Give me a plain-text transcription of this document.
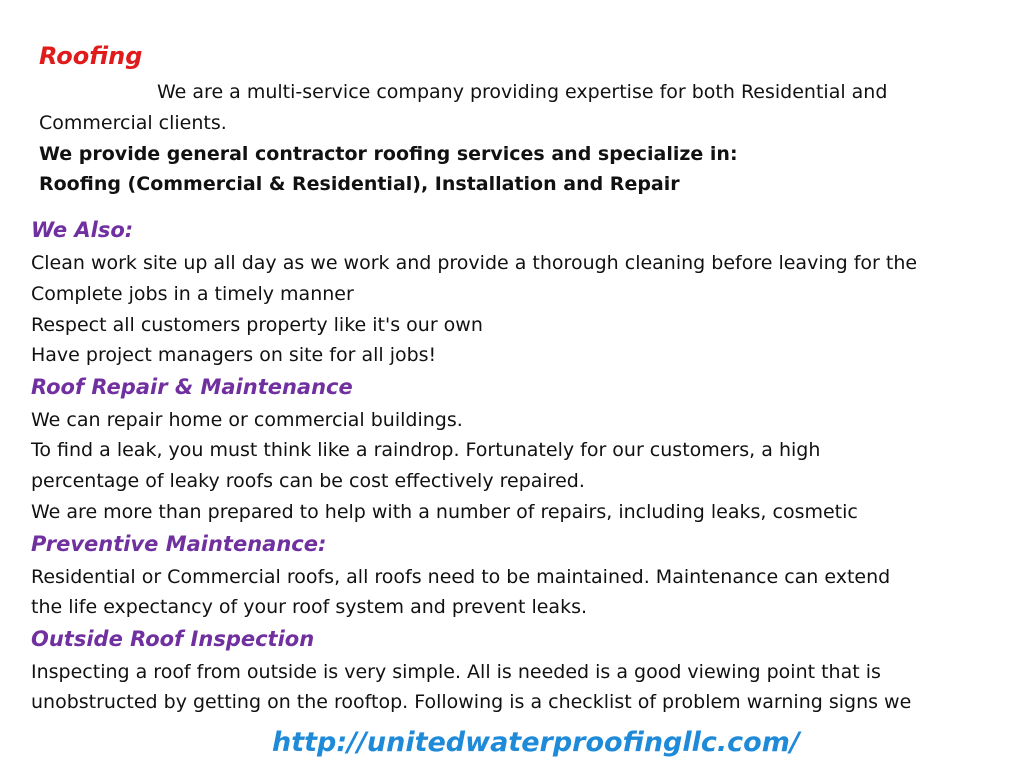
Roofing
We are a multi-service company providing expertise for both Residential and
Commercial clients.
We provide general contractor roofing services and specialize in:
Roofing (Commercial & Residential), Installation and Repair
We Also:
Clean work site up all day as we work and provide a thorough cleaning before leaving for the
Complete jobs in a timely manner
Respect all customers property like it's our own
Have project managers on site for all jobs!
Roof Repair & Maintenance
We can repair home or commercial buildings.
To find a leak, you must think like a raindrop. Fortunately for our customers, a high
percentage of leaky roofs can be cost effectively repaired.
We are more than prepared to help with a number of repairs, including leaks, cosmetic
Preventive Maintenance:
Residential or Commercial roofs, all roofs need to be maintained. Maintenance can extend
the life expectancy of your roof system and prevent leaks.
Outside Roof Inspection
Inspecting a roof from outside is very simple. All is needed is a good viewing point that is
unobstructed by getting on the rooftop. Following is a checklist of problem warning signs we
http://unitedwaterproofingllc.com/
